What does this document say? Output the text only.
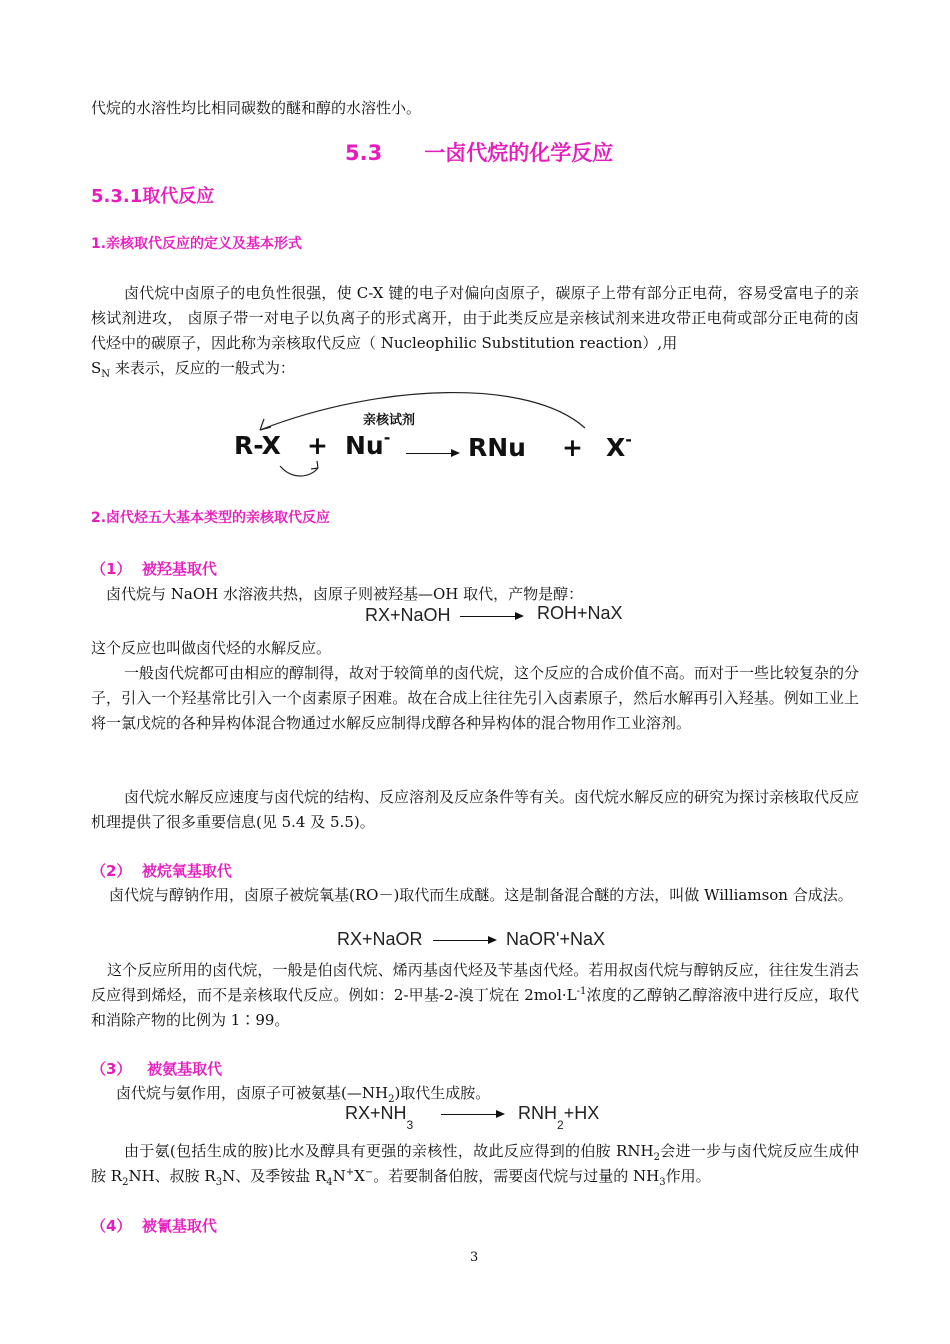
代烷的水溶性均比相同碳数的醚和醇的水溶性小。
5.3　　一卤代烷的化学反应
5.3.1取代反应
1.亲核取代反应的定义及基本形式
卤代烷中卤原子的电负性很强，使 C-X 键的电子对偏向卤原子，碳原子上带有部分正电荷，容易受富电子的亲核试剂进攻， 卤原子带一对电子以负离子的形式离开，由于此类反应是亲核试剂来进攻带正电荷或部分正电荷的卤代烃中的碳原子，因此称为亲核取代反应（ Nucleophilic Substitution reaction）,用
$S_N$ 来表示，反应的一般式为：
亲核试剂
R-X + Nu- → RNu + X-
2.卤代烃五大基本类型的亲核取代反应
（1）  被羟基取代
卤代烷与 NaOH 水溶液共热，卤原子则被羟基—OH 取代，产物是醇：
RX+NaOH	ROH+NaX
这个反应也叫做卤代烃的水解反应。
一般卤代烷都可由相应的醇制得，故对于较简单的卤代烷，这个反应的合成价值不高。而对于一些比较复杂的分子，引入一个羟基常比引入一个卤素原子困难。故在合成上往往先引入卤素原子，然后水解再引入羟基。例如工业上将一氯戊烷的各种异构体混合物通过水解反应制得戊醇各种异构体的混合物用作工业溶剂。
卤代烷水解反应速度与卤代烷的结构、反应溶剂及反应条件等有关。卤代烷水解反应的研究为探讨亲核取代反应机理提供了很多重要信息(见 5.4 及 5.5)。
（2）  被烷氧基取代
卤代烷与醇钠作用，卤原子被烷氧基(RO－)取代而生成醚。这是制备混合醚的方法，叫做 Williamson 合成法。
RX+NaOR	NaOR'+NaX
这个反应所用的卤代烷，一般是伯卤代烷、烯丙基卤代烃及苄基卤代烃。若用叔卤代烷与醇钠反应，往往发生消去反应得到烯烃，而不是亲核取代反应。例如：2-甲基-2-溴丁烷在 $2mol\cdot L^{-1}$浓度的乙醇钠乙醇溶液中进行反应，取代和消除产物的比例为 1∶99。
（3）   被氨基取代
卤代烷与氨作用，卤原子可被氨基$(—NH_2)$取代生成胺。
$RX+NH_3$
$RNH_2+HX$
由于氨(包括生成的胺)比水及醇具有更强的亲核性，故此反应得到的伯胺 $RNH_2$会进一步与卤代烷反应生成仲胺 $R_2NH$、叔胺 $R_3N$、及季铵盐 $R_4N^+X^-$。若要制备伯胺，需要卤代烷与过量的 $NH_3$作用。
（4）  被氰基取代
3
